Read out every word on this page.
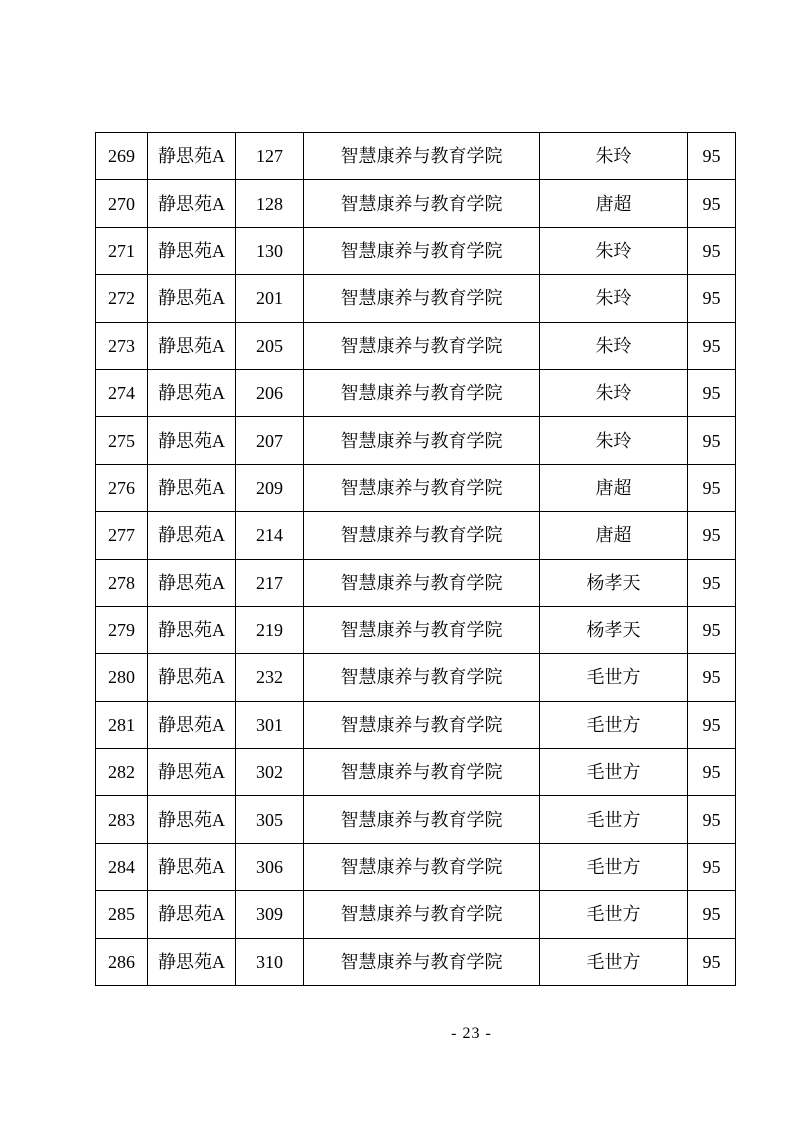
269	静思苑A	127	智慧康养与教育学院	朱玲	95
270	静思苑A	128	智慧康养与教育学院	唐超	95
271	静思苑A	130	智慧康养与教育学院	朱玲	95
272	静思苑A	201	智慧康养与教育学院	朱玲	95
273	静思苑A	205	智慧康养与教育学院	朱玲	95
274	静思苑A	206	智慧康养与教育学院	朱玲	95
275	静思苑A	207	智慧康养与教育学院	朱玲	95
276	静思苑A	209	智慧康养与教育学院	唐超	95
277	静思苑A	214	智慧康养与教育学院	唐超	95
278	静思苑A	217	智慧康养与教育学院	杨孝天	95
279	静思苑A	219	智慧康养与教育学院	杨孝天	95
280	静思苑A	232	智慧康养与教育学院	毛世方	95
281	静思苑A	301	智慧康养与教育学院	毛世方	95
282	静思苑A	302	智慧康养与教育学院	毛世方	95
283	静思苑A	305	智慧康养与教育学院	毛世方	95
284	静思苑A	306	智慧康养与教育学院	毛世方	95
285	静思苑A	309	智慧康养与教育学院	毛世方	95
286	静思苑A	310	智慧康养与教育学院	毛世方	95
- 23 -
